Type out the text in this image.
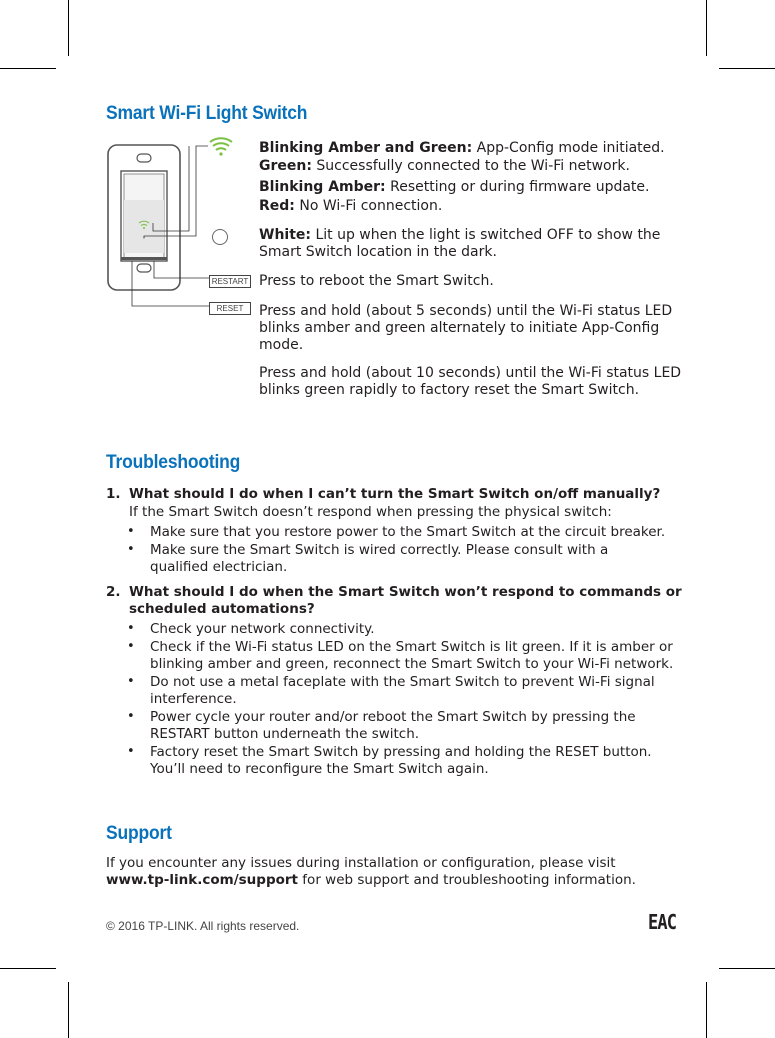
Smart Wi-Fi Light Switch
RESTART
RESET
Blinking Amber and Green: App-Config mode initiated.
Green: Successfully connected to the Wi-Fi network.
Blinking Amber: Resetting or during firmware update.
Red: No Wi-Fi connection.
White: Lit up when the light is switched OFF to show the
Smart Switch location in the dark.
Press to reboot the Smart Switch.
Press and hold (about 5 seconds) until the Wi-Fi status LED
blinks amber and green alternately to initiate App-Config
mode.
Press and hold (about 10 seconds) until the Wi-Fi status LED
blinks green rapidly to factory reset the Smart Switch.
Troubleshooting
1. What should I do when I can’t turn the Smart Switch on/off manually?
If the Smart Switch doesn’t respond when pressing the physical switch:
• Make sure that you restore power to the Smart Switch at the circuit breaker.
• Make sure the Smart Switch is wired correctly. Please consult with a
qualified electrician.
2. What should I do when the Smart Switch won’t respond to commands or
scheduled automations?
• Check your network connectivity.
• Check if the Wi-Fi status LED on the Smart Switch is lit green. If it is amber or
blinking amber and green, reconnect the Smart Switch to your Wi-Fi network.
• Do not use a metal faceplate with the Smart Switch to prevent Wi-Fi signal
interference.
• Power cycle your router and/or reboot the Smart Switch by pressing the
RESTART button underneath the switch.
• Factory reset the Smart Switch by pressing and holding the RESET button.
You’ll need to reconfigure the Smart Switch again.
Support
If you encounter any issues during installation or configuration, please visit
www.tp-link.com/support for web support and troubleshooting information.
© 2016 TP-LINK. All rights reserved.	EAC
